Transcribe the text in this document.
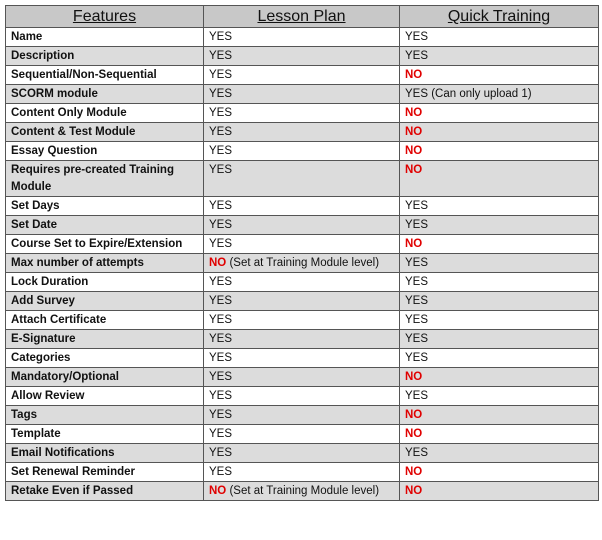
Features	Lesson Plan	Quick Training
Name	YES	YES
Description	YES	YES
Sequential/Non-Sequential	YES	NO
SCORM module	YES	YES (Can only upload 1)
Content Only Module	YES	NO
Content & Test Module	YES	NO
Essay Question	YES	NO
Requires pre-created Training Module	YES	NO
Set Days	YES	YES
Set Date	YES	YES
Course Set to Expire/Extension	YES	NO
Max number of attempts	NO (Set at Training Module level)	YES
Lock Duration	YES	YES
Add Survey	YES	YES
Attach Certificate	YES	YES
E-Signature	YES	YES
Categories	YES	YES
Mandatory/Optional	YES	NO
Allow Review	YES	YES
Tags	YES	NO
Template	YES	NO
Email Notifications	YES	YES
Set Renewal Reminder	YES	NO
Retake Even if Passed	NO (Set at Training Module level)	NO
